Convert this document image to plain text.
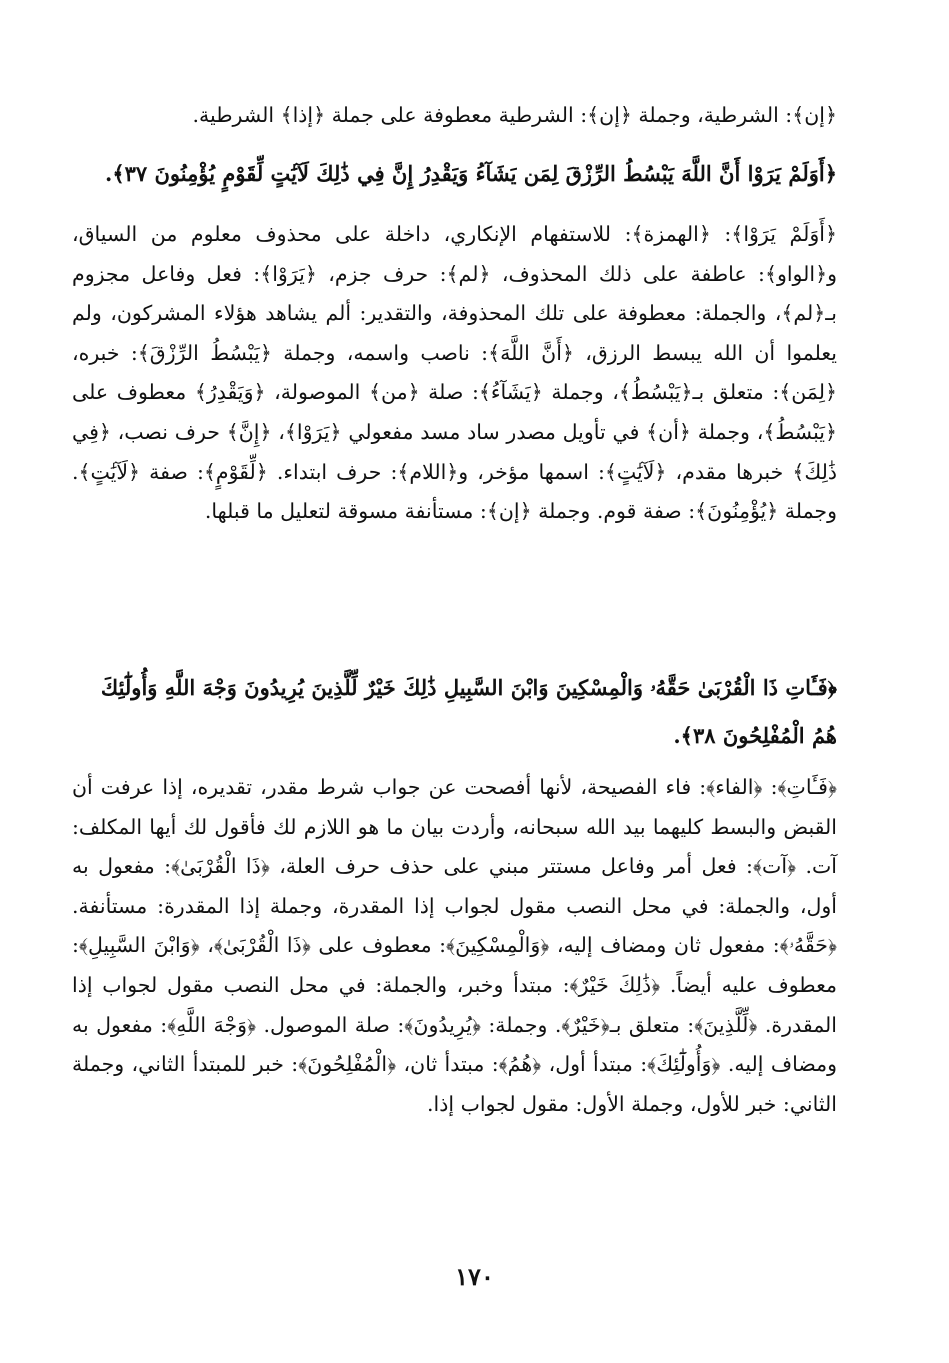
﴿إن﴾: الشرطية، وجملة ﴿إن﴾: الشرطية معطوفة على جملة ﴿إذا﴾ الشرطية.

﴿أَوَلَمْ يَرَوْا أَنَّ اللَّهَ يَبْسُطُ الرِّزْقَ لِمَن يَشَآءُ وَيَقْدِرُ إِنَّ فِي ذَٰلِكَ لَآيَٰتٍ لِّقَوْمٍ يُؤْمِنُونَ ٣٧﴾.

﴿أَوَلَمْ يَرَوْا﴾: ﴿الهمزة﴾: للاستفهام الإنكاري، داخلة على محذوف معلوم من السياق، و﴿الواو﴾: عاطفة على ذلك المحذوف، ﴿لم﴾: حرف جزم، ﴿يَرَوْا﴾: فعل وفاعل مجزوم بـ﴿لم﴾، والجملة: معطوفة على تلك المحذوفة، والتقدير: ألم يشاهد هؤلاء المشركون، ولم يعلموا أن الله يبسط الرزق، ﴿أَنَّ اللَّهَ﴾: ناصب واسمه، وجملة ﴿يَبْسُطُ الرِّزْقَ﴾: خبره، ﴿لِمَن﴾: متعلق بـ﴿يَبْسُطُ﴾، وجملة ﴿يَشَآءُ﴾: صلة ﴿من﴾ الموصولة، ﴿وَيَقْدِرُ﴾ معطوف على ﴿يَبْسُطُ﴾، وجملة ﴿أن﴾ في تأويل مصدر ساد مسد مفعولي ﴿يَرَوْا﴾، ﴿إِنَّ﴾ حرف نصب، ﴿فِي ذَٰلِكَ﴾ خبرها مقدم، ﴿لَآيَٰتٍ﴾: اسمها مؤخر، و﴿اللام﴾: حرف ابتداء. ﴿لِّقَوْمٍ﴾: صفة ﴿لَآيَٰتٍ﴾. وجملة ﴿يُؤْمِنُونَ﴾: صفة قوم. وجملة ﴿إن﴾: مستأنفة مسوقة لتعليل ما قبلها.

﴿فَـَٔاتِ ذَا الْقُرْبَىٰ حَقَّهُۥ وَالْمِسْكِينَ وَابْنَ السَّبِيلِ ذَٰلِكَ خَيْرٌ لِّلَّذِينَ يُرِيدُونَ وَجْهَ اللَّهِ وَأُولَٰٓئِكَ هُمُ الْمُفْلِحُونَ ٣٨﴾.

﴿فَـَٔاتِ﴾: ﴿الفاء﴾: فاء الفصيحة، لأنها أفصحت عن جواب شرط مقدر، تقديره، إذا عرفت أن القبض والبسط كليهما بيد الله سبحانه، وأردت بيان ما هو اللازم لك فأقول لك أيها المكلف: آت. ﴿آت﴾: فعل أمر وفاعل مستتر مبني على حذف حرف العلة، ﴿ذَا الْقُرْبَىٰ﴾: مفعول به أول، والجملة: في محل النصب مقول لجواب إذا المقدرة، وجملة إذا المقدرة: مستأنفة. ﴿حَقَّهُۥ﴾: مفعول ثان ومضاف إليه، ﴿وَالْمِسْكِينَ﴾: معطوف على ﴿ذَا الْقُرْبَىٰ﴾، ﴿وَابْنَ السَّبِيلِ﴾: معطوف عليه أيضاً. ﴿ذَٰلِكَ خَيْرٌ﴾: مبتدأ وخبر، والجملة: في محل النصب مقول لجواب إذا المقدرة. ﴿لِّلَّذِينَ﴾: متعلق بـ﴿خَيْرٌ﴾. وجملة: ﴿يُرِيدُونَ﴾: صلة الموصول. ﴿وَجْهَ اللَّهِ﴾: مفعول به ومضاف إليه. ﴿وَأُولَٰٓئِكَ﴾: مبتدأ أول، ﴿هُمُ﴾: مبتدأ ثان، ﴿الْمُفْلِحُونَ﴾: خبر للمبتدأ الثاني، وجملة الثاني: خبر للأول، وجملة الأول: مقول لجواب إذا.

١٧٠
